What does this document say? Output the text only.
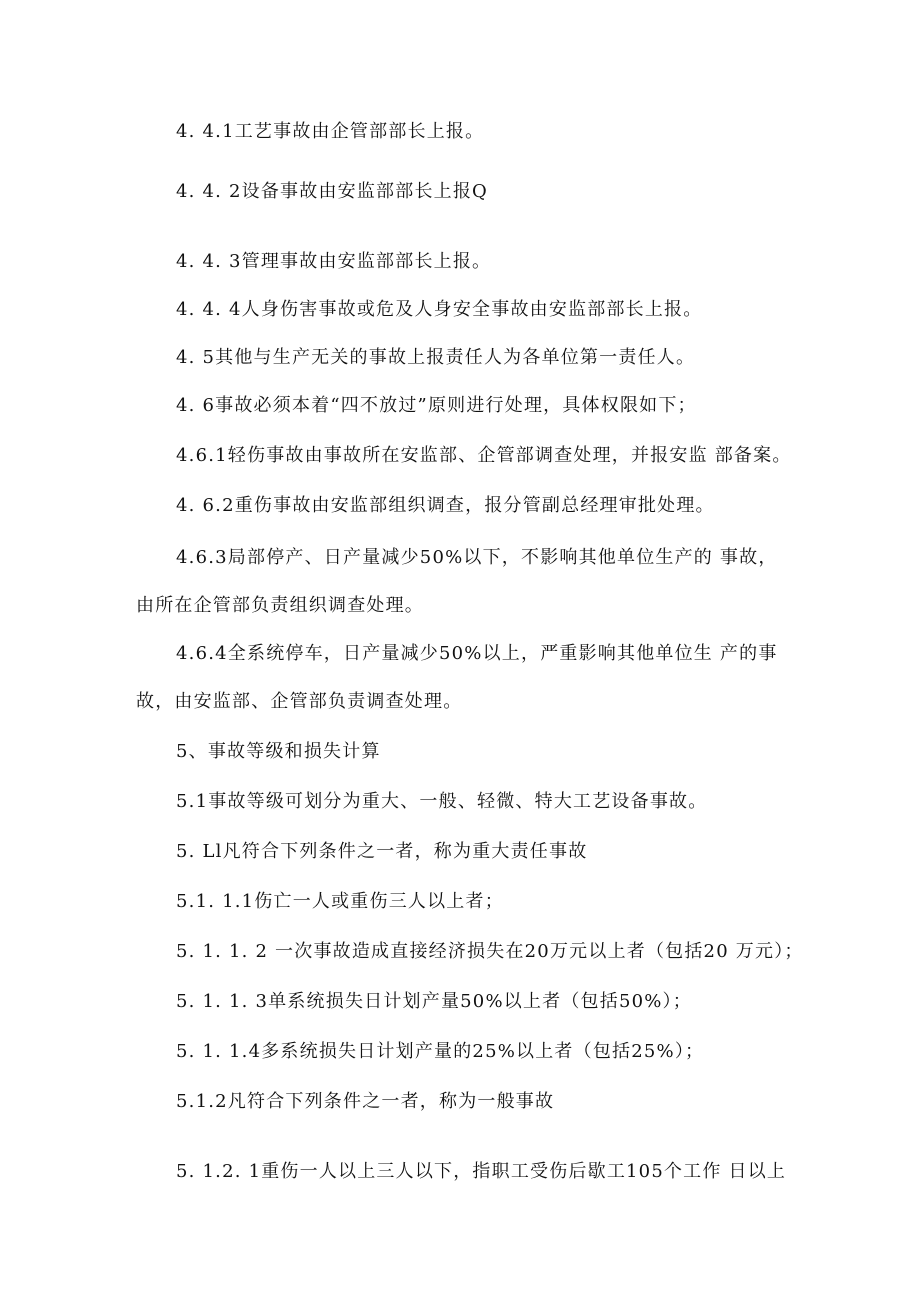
4. 4.1工艺事故由企管部部长上报。
4. 4. 2设备事故由安监部部长上报Q
4. 4. 3管理事故由安监部部长上报。
4. 4. 4人身伤害事故或危及人身安全事故由安监部部长上报。
4. 5其他与生产无关的事故上报责任人为各单位第一责任人。
4. 6事故必须本着“四不放过”原则进行处理，具体权限如下；
4.6.1轻伤事故由事故所在安监部、企管部调查处理，并报安监 部备案。
4. 6.2重伤事故由安监部组织调查，报分管副总经理审批处理。
4.6.3局部停产、日产量减少50%以下，不影响其他单位生产的 事故，
由所在企管部负责组织调查处理。
4.6.4全系统停车，日产量减少50%以上，严重影响其他单位生 产的事
故，由安监部、企管部负责调查处理。
5、事故等级和损失计算
5.1事故等级可划分为重大、一般、轻微、特大工艺设备事故。
5. Ll凡符合下列条件之一者，称为重大责任事故
5.1. 1.1伤亡一人或重伤三人以上者；
5. 1. 1. 2 一次事故造成直接经济损失在20万元以上者（包括20 万元）；
5. 1. 1. 3单系统损失日计划产量50%以上者（包括50%）；
5. 1. 1.4多系统损失日计划产量的25%以上者（包括25%）；
5.1.2凡符合下列条件之一者，称为一般事故
5. 1.2. 1重伤一人以上三人以下，指职工受伤后歇工105个工作 日以上
